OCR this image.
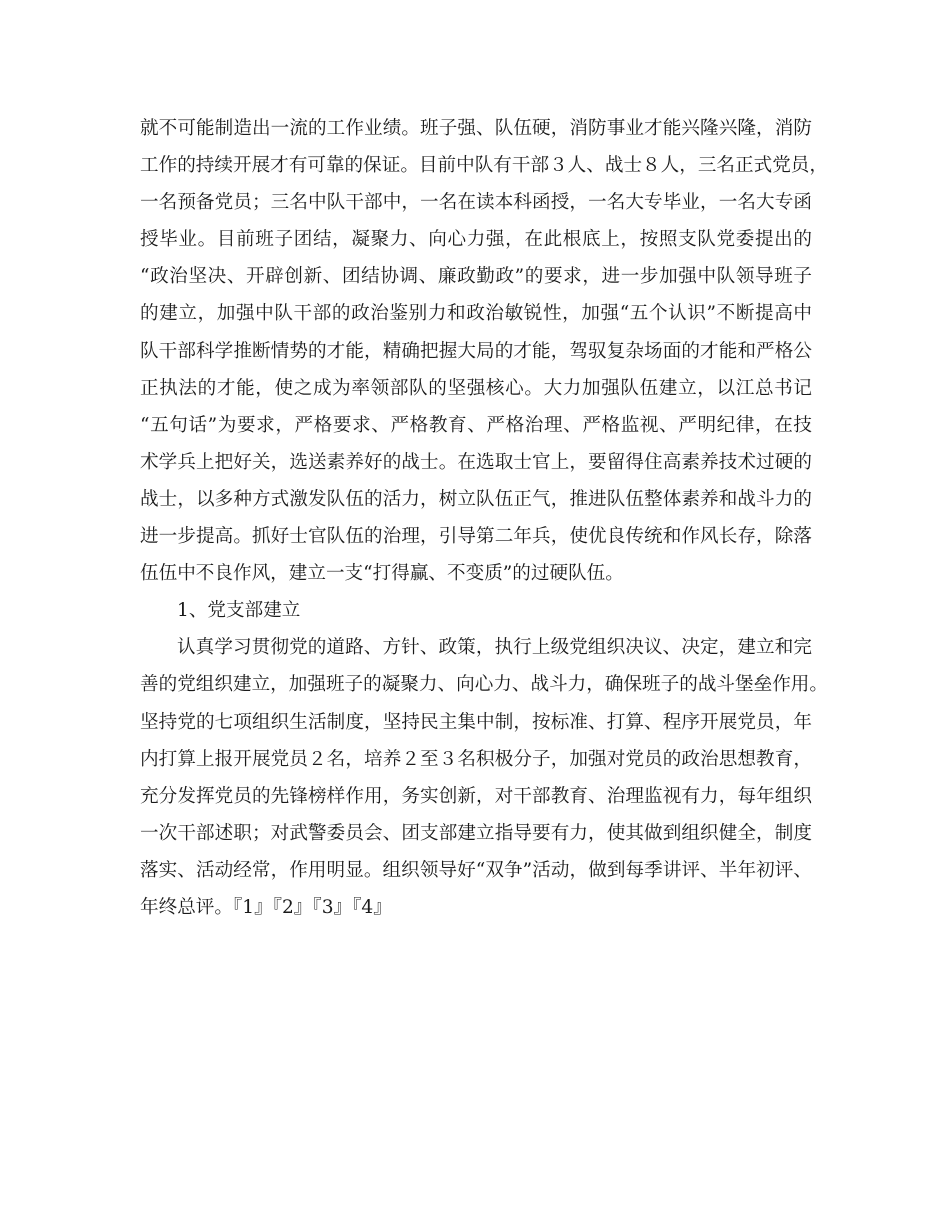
就不可能制造出一流的工作业绩。班子强、队伍硬，消防事业才能兴隆兴隆，消防
工作的持续开展才有可靠的保证。目前中队有干部３人、战士８人，三名正式党员，
一名预备党员；三名中队干部中，一名在读本科函授，一名大专毕业，一名大专函
授毕业。目前班子团结，凝聚力、向心力强，在此根底上，按照支队党委提出的
“政治坚决、开辟创新、团结协调、廉政勤政”的要求，进一步加强中队领导班子
的建立，加强中队干部的政治鉴别力和政治敏锐性，加强“五个认识”不断提高中
队干部科学推断情势的才能，精确把握大局的才能，驾驭复杂场面的才能和严格公
正执法的才能，使之成为率领部队的坚强核心。大力加强队伍建立，以江总书记
“五句话”为要求，严格要求、严格教育、严格治理、严格监视、严明纪律，在技
术学兵上把好关，选送素养好的战士。在选取士官上，要留得住高素养技术过硬的
战士，以多种方式激发队伍的活力，树立队伍正气，推进队伍整体素养和战斗力的
进一步提高。抓好士官队伍的治理，引导第二年兵，使优良传统和作风长存，除落
伍伍中不良作风，建立一支“打得赢、不变质”的过硬队伍。
1、党支部建立
认真学习贯彻党的道路、方针、政策，执行上级党组织决议、决定，建立和完
善的党组织建立，加强班子的凝聚力、向心力、战斗力，确保班子的战斗堡垒作用。
坚持党的七项组织生活制度，坚持民主集中制，按标准、打算、程序开展党员，年
内打算上报开展党员２名，培养２至３名积极分子，加强对党员的政治思想教育，
充分发挥党员的先锋榜样作用，务实创新，对干部教育、治理监视有力，每年组织
一次干部述职；对武警委员会、团支部建立指导要有力，使其做到组织健全，制度
落实、活动经常，作用明显。组织领导好“双争”活动，做到每季讲评、半年初评、
年终总评。『1』『2』『3』『4』
